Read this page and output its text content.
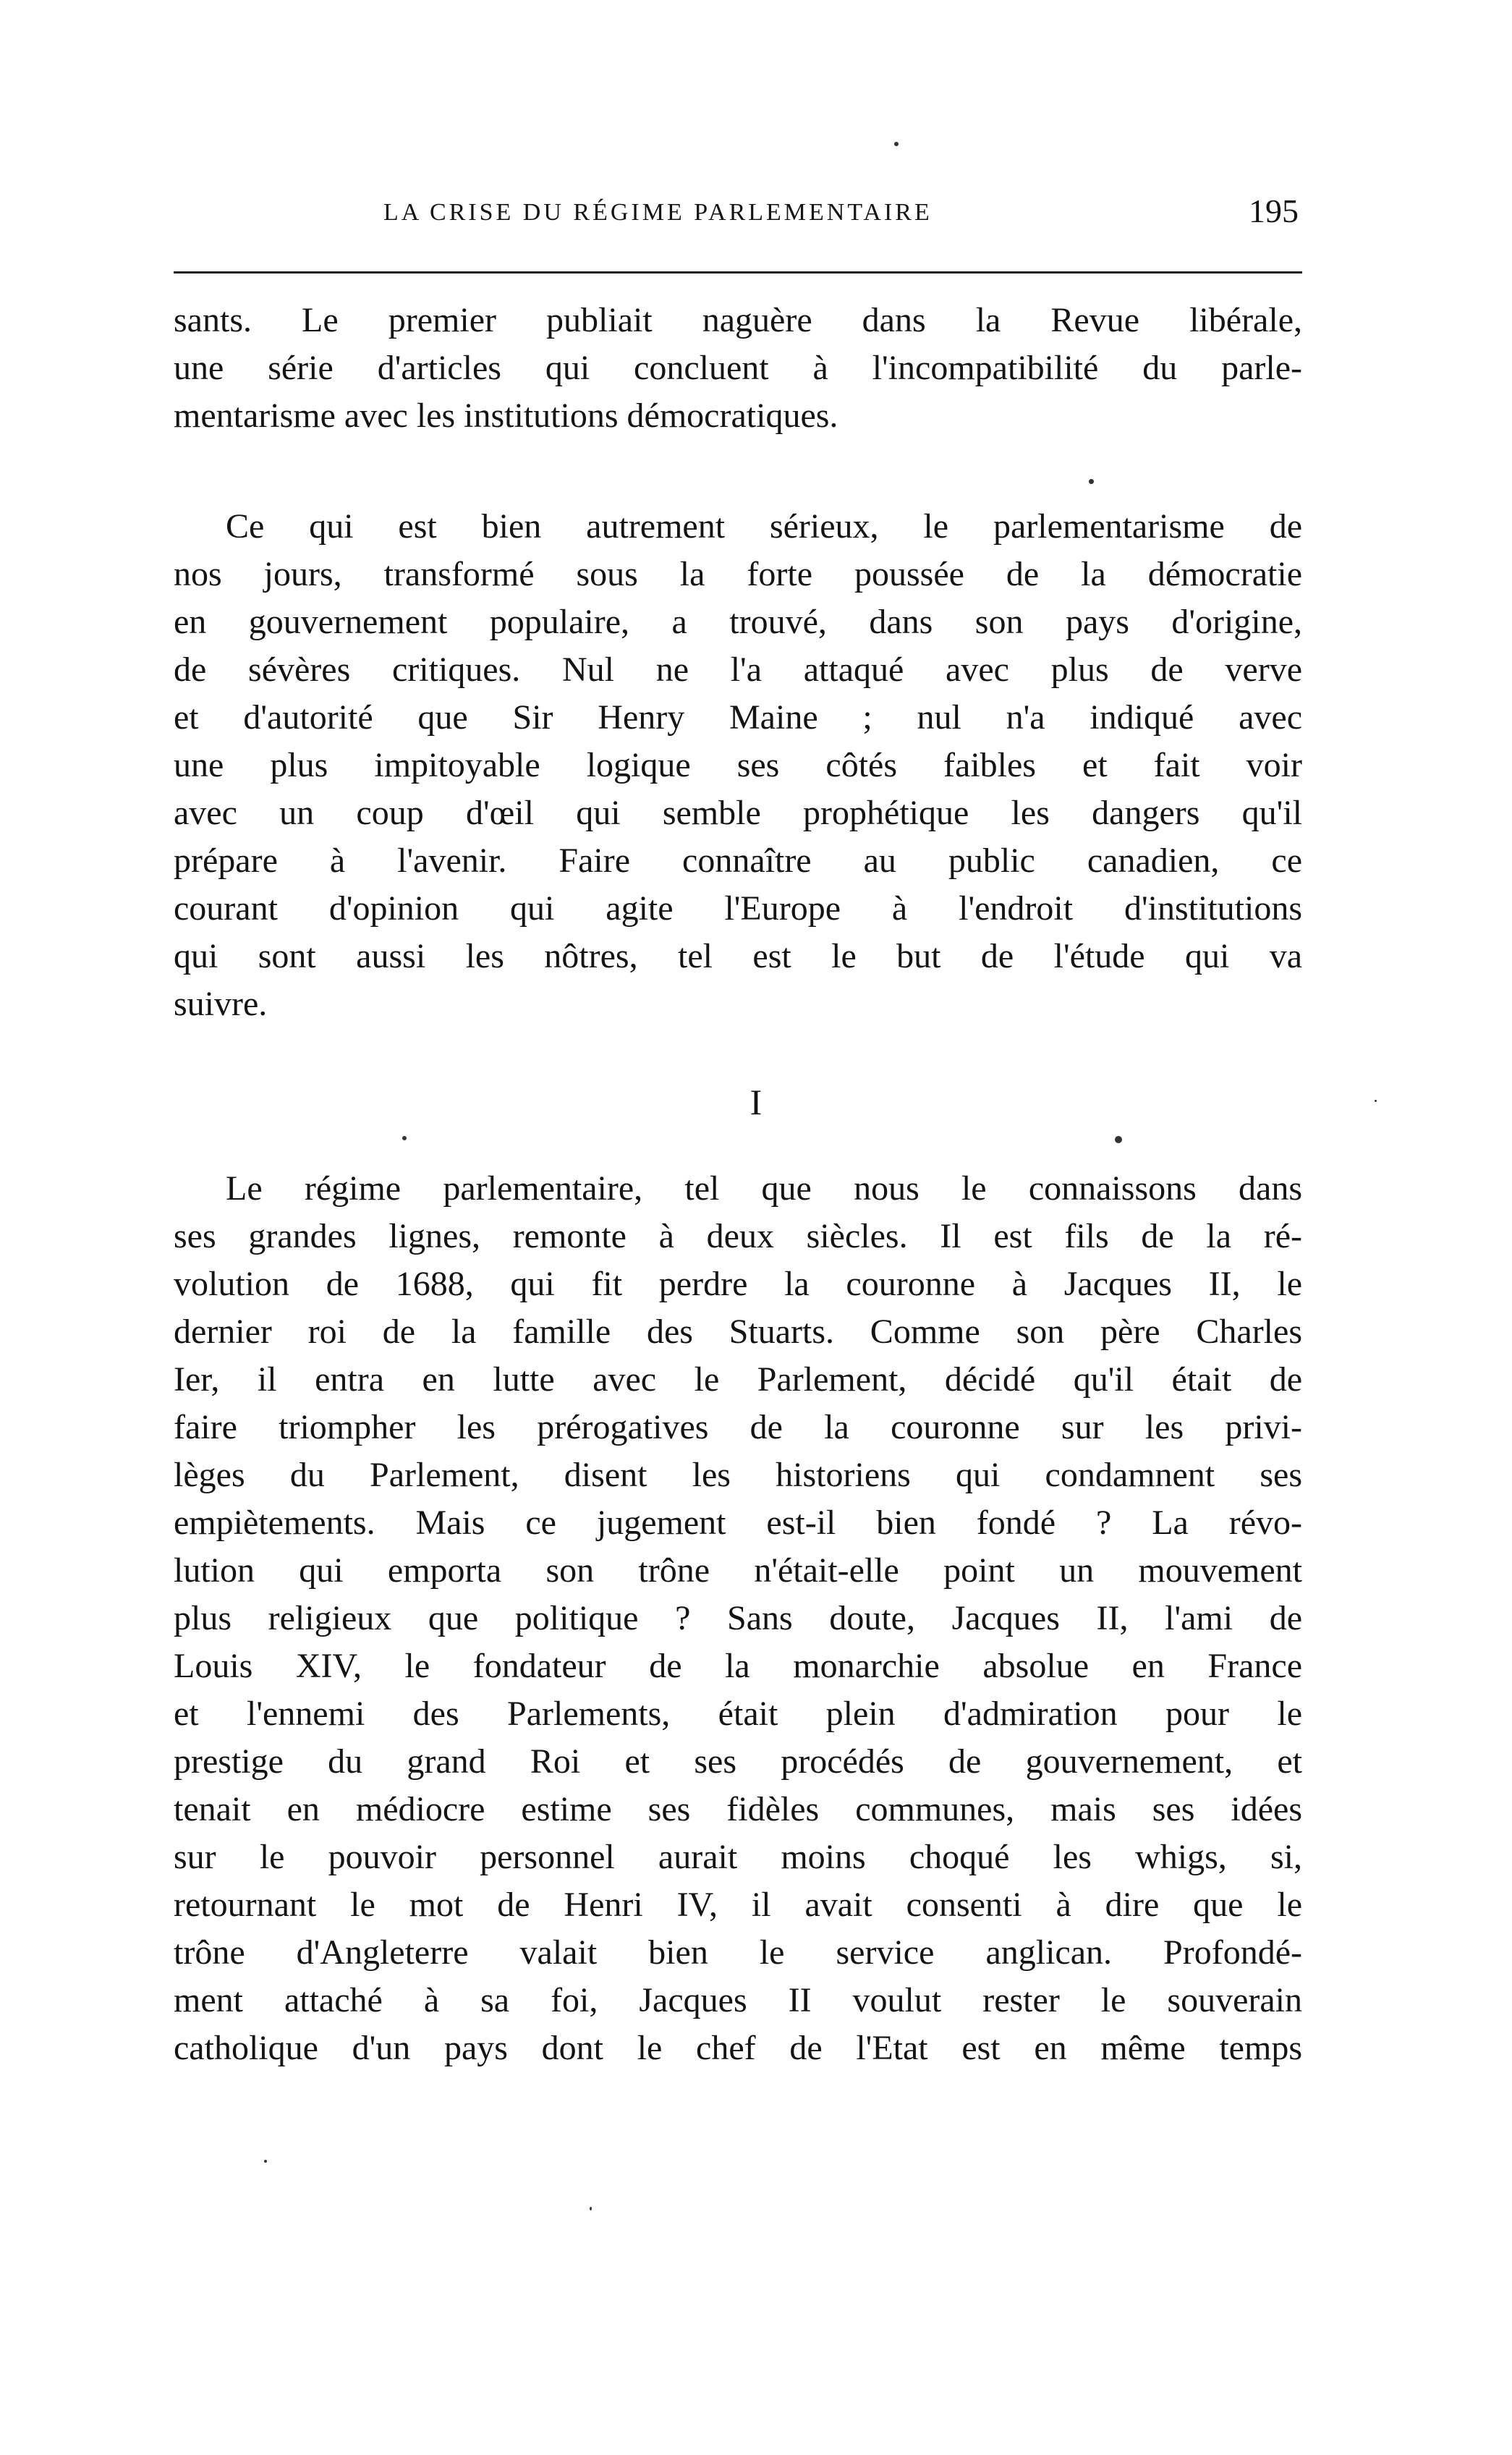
LA CRISE DU RÉGIME PARLEMENTAIRE	195
sants. Le premier publiait naguère dans la Revue libérale,
une série d'articles qui concluent à l'incompatibilité du parle-
mentarisme avec les institutions démocratiques.
Ce qui est bien autrement sérieux, le parlementarisme de
nos jours, transformé sous la forte poussée de la démocratie
en gouvernement populaire, a trouvé, dans son pays d'origine,
de sévères critiques. Nul ne l'a attaqué avec plus de verve
et d'autorité que Sir Henry Maine ; nul n'a indiqué avec
une plus impitoyable logique ses côtés faibles et fait voir
avec un coup d'œil qui semble prophétique les dangers qu'il
prépare à l'avenir. Faire connaître au public canadien, ce
courant d'opinion qui agite l'Europe à l'endroit d'institutions
qui sont aussi les nôtres, tel est le but de l'étude qui va
suivre.
I
Le régime parlementaire, tel que nous le connaissons dans
ses grandes lignes, remonte à deux siècles. Il est fils de la ré-
volution de 1688, qui fit perdre la couronne à Jacques II, le
dernier roi de la famille des Stuarts. Comme son père Charles
Ier, il entra en lutte avec le Parlement, décidé qu'il était de
faire triompher les prérogatives de la couronne sur les privi-
lèges du Parlement, disent les historiens qui condamnent ses
empiètements. Mais ce jugement est-il bien fondé ? La révo-
lution qui emporta son trône n'était-elle point un mouvement
plus religieux que politique ? Sans doute, Jacques II, l'ami de
Louis XIV, le fondateur de la monarchie absolue en France
et l'ennemi des Parlements, était plein d'admiration pour le
prestige du grand Roi et ses procédés de gouvernement, et
tenait en médiocre estime ses fidèles communes, mais ses idées
sur le pouvoir personnel aurait moins choqué les whigs, si,
retournant le mot de Henri IV, il avait consenti à dire que le
trône d'Angleterre valait bien le service anglican. Profondé-
ment attaché à sa foi, Jacques II voulut rester le souverain
catholique d'un pays dont le chef de l'Etat est en même temps
